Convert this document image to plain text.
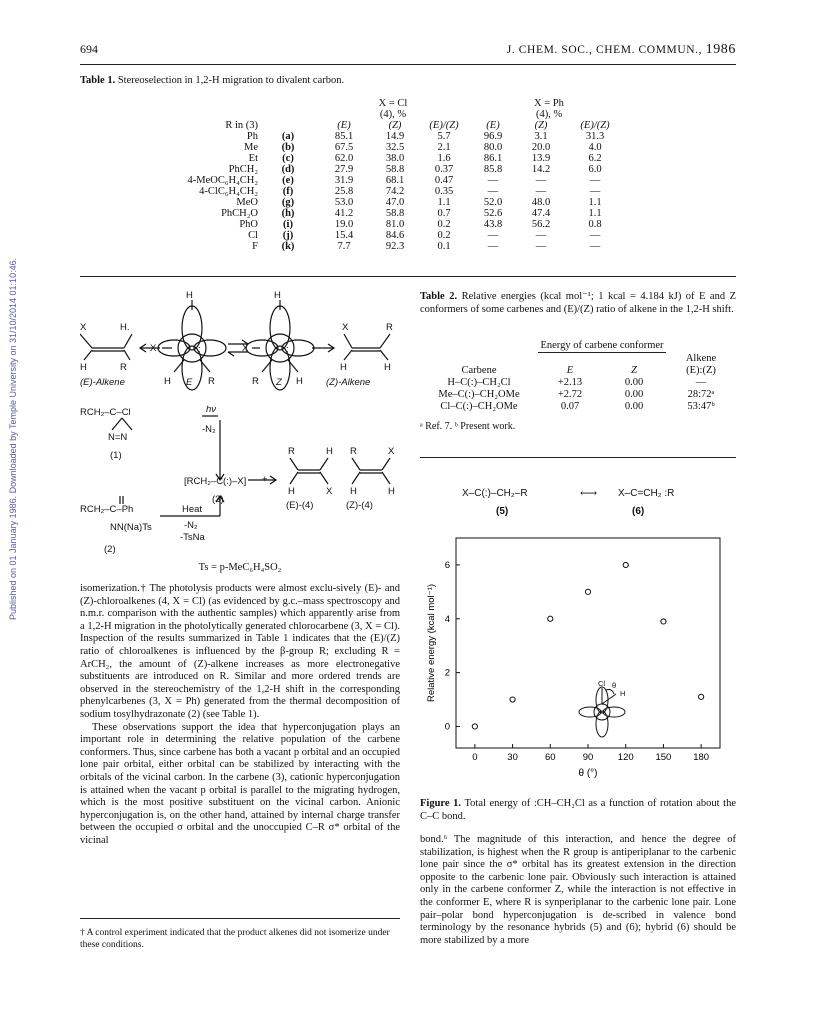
Published on 01 January 1986. Downloaded by Temple University on 31/10/2014 01:10:46.
694	J. CHEM. SOC., CHEM. COMMUN., 1986
Table 1. Stereoselection in 1,2-H migration to divalent carbon.
		X = Cl				X = Ph		
		(4), %				(4), %		
R in (3)		(E)	(Z)	(E)/(Z)	(E)	(Z)	(E)/(Z)	
Ph	(a)	85.1	14.9	5.7	96.9	3.1	31.3	
Me	(b)	67.5	32.5	2.1	80.0	20.0	4.0	
Et	(c)	62.0	38.0	1.6	86.1	13.9	6.2	
PhCH₂	(d)	27.9	58.8	0.37	85.8	14.2	6.0	
4-MeOC₆H₄CH₂	(e)	31.9	68.1	0.47	—	—	—	
4-ClC₆H₄CH₂	(f)	25.8	74.2	0.35	—	—	—	
MeO	(g)	53.0	47.0	1.1	52.0	48.0	1.1	
PhCH₂O	(h)	41.2	58.8	0.7	52.6	47.4	1.1	
PhO	(i)	19.0	81.0	0.2	43.8	56.2	0.8	
Cl	(j)	15.4	84.6	0.2	—	—	—	
F	(k)	7.7	92.3	0.1	—	—	—	
X	H.
H	R
H
X
H	R
:
H
X
R	H
:
X	R
H	H
R	H
H	X
R	X
H	H
+
(E)-Alkene	E	Z	(Z)-Alkene
RCH₂–C–Cl
N=N
(1)
hν
-N₂
[RCH₂–C(:)–X]
(3)
(E)-(4)	(Z)-(4)
RCH₂–C–Ph
NN(Na)Ts
Heat
-N₂
-TsNa
(2)
Ts = p-MeC₆H₄SO₂
isomerization.† The photolysis products were almost exclu-sively (E)- and (Z)-chloroalkenes (4, X = Cl) (as evidenced by g.c.–mass spectroscopy and n.m.r. comparison with the authentic samples) which apparently arise from a 1,2-H migration in the photolytically generated chlorocarbene (3, X = Cl). Inspection of the results summarized in Table 1 indicates that the (E)/(Z) ratio of chloroalkenes is influenced by the β-group R; excluding R = ArCH₂, the amount of (Z)-alkene increases as more electronegative substituents are introduced on R. Similar and more ordered trends are observed in the stereochemistry of the 1,2-H shift in the corresponding phenylcarbenes (3, X = Ph) generated from the thermal decomposition of sodium tosylhydrazonate (2) (see Table 1).
These observations support the idea that hyperconjugation plays an important role in determining the relative population of the carbene conformers. Thus, since carbene has both a vacant p orbital and an occupied lone pair orbital, either orbital can be stabilized by interacting with the orbitals of the vicinal carbon. In the carbene (3), cationic hyperconjugation is attained when the vacant p orbital is parallel to the migrating hydrogen, which is the most positive substituent on the vicinal carbon. Anionic hyperconjugation is, on the other hand, attained by internal charge transfer between the occupied σ orbital and the unoccupied C–R σ* orbital of the vicinal
† A control experiment indicated that the product alkenes did not isomerize under these conditions.
Table 2. Relative energies (kcal mol⁻¹; 1 kcal = 4.184 kJ) of E and Z conformers of some carbenes and (E)/(Z) ratio of alkene in the 1,2-H shift.
	Energy of carbene conformer		
			Alkene
Carbene	E	Z	(E):(Z)
H–C(:)–CH₂Cl	+2.13	0.00	—
Me–C(:)–CH₂OMe	+2.72	0.00	28:72ᵃ
Cl–C(:)–CH₂OMe	0.07	0.00	53:47ᵇ
ᵃ Ref. 7. ᵇ Present work.
X–C(:)–CH₂–R	⟷ X–C=CH₂ :R
(5)	(6)
0	30	60	90	120 150 180
0
2
4
6
θ (°)
Relative energy (kcal mol⁻¹)	Cl θ
H
Figure 1. Total energy of :CH–CH₂Cl as a function of rotation about the C–C bond.
bond.⁶ The magnitude of this interaction, and hence the degree of stabilization, is highest when the R group is antiperiplanar to the carbenic lone pair since the σ* orbital has its greatest extension in the direction opposite to the carbenic lone pair. Obviously such interaction is attained only in the carbene conformer Z, while the interaction is not effective in the conformer E, where R is synperiplanar to the carbenic lone pair. Lone pair–polar bond hyperconjugation is de-scribed in valence bond terminology by the resonance hybrids (5) and (6); hybrid (6) should be more stabilized by a more
